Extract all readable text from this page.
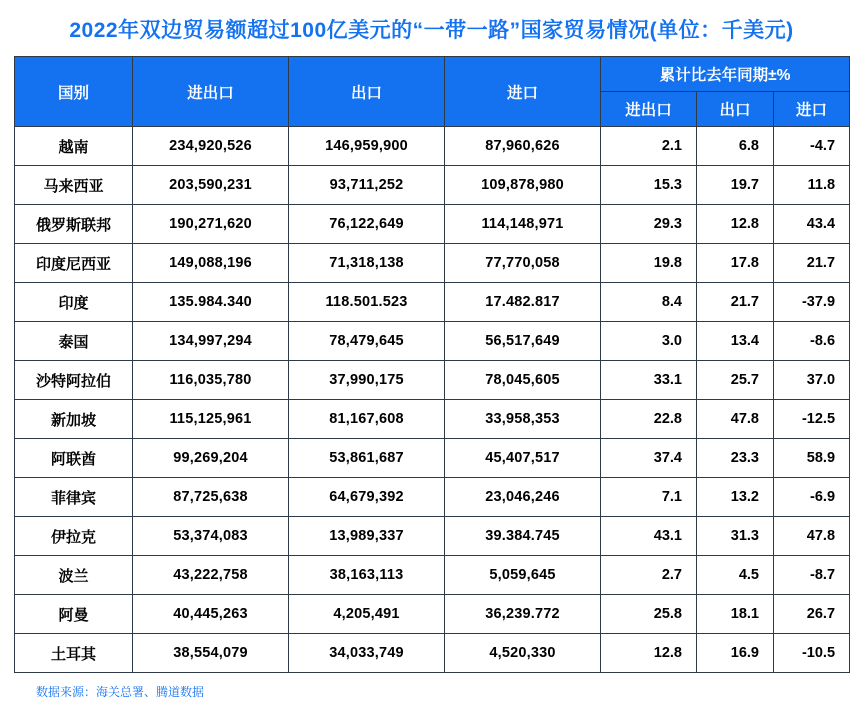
2022年双边贸易额超过100亿美元的“一带一路”国家贸易情况(单位：千美元)
国别	进出口	出口	进口	累计比去年同期±%		
				进出口	出口	进口
越南	234,920,526	146,959,900	87,960,626	2.1	6.8	-4.7
马来西亚	203,590,231	93,711,252	109,878,980	15.3	19.7	11.8
俄罗斯联邦	190,271,620	76,122,649	114,148,971	29.3	12.8	43.4
印度尼西亚	149,088,196	71,318,138	77,770,058	19.8	17.8	21.7
印度	135.984.340	118.501.523	17.482.817	8.4	21.7	-37.9
泰国	134,997,294	78,479,645	56,517,649	3.0	13.4	-8.6
沙特阿拉伯	116,035,780	37,990,175	78,045,605	33.1	25.7	37.0
新加坡	115,125,961	81,167,608	33,958,353	22.8	47.8	-12.5
阿联酋	99,269,204	53,861,687	45,407,517	37.4	23.3	58.9
菲律宾	87,725,638	64,679,392	23,046,246	7.1	13.2	-6.9
伊拉克	53,374,083	13,989,337	39.384.745	43.1	31.3	47.8
波兰	43,222,758	38,163,113	5,059,645	2.7	4.5	-8.7
阿曼	40,445,263	4,205,491	36,239.772	25.8	18.1	26.7
土耳其	38,554,079	34,033,749	4,520,330	12.8	16.9	-10.5
数据来源：海关总署、腾道数据
